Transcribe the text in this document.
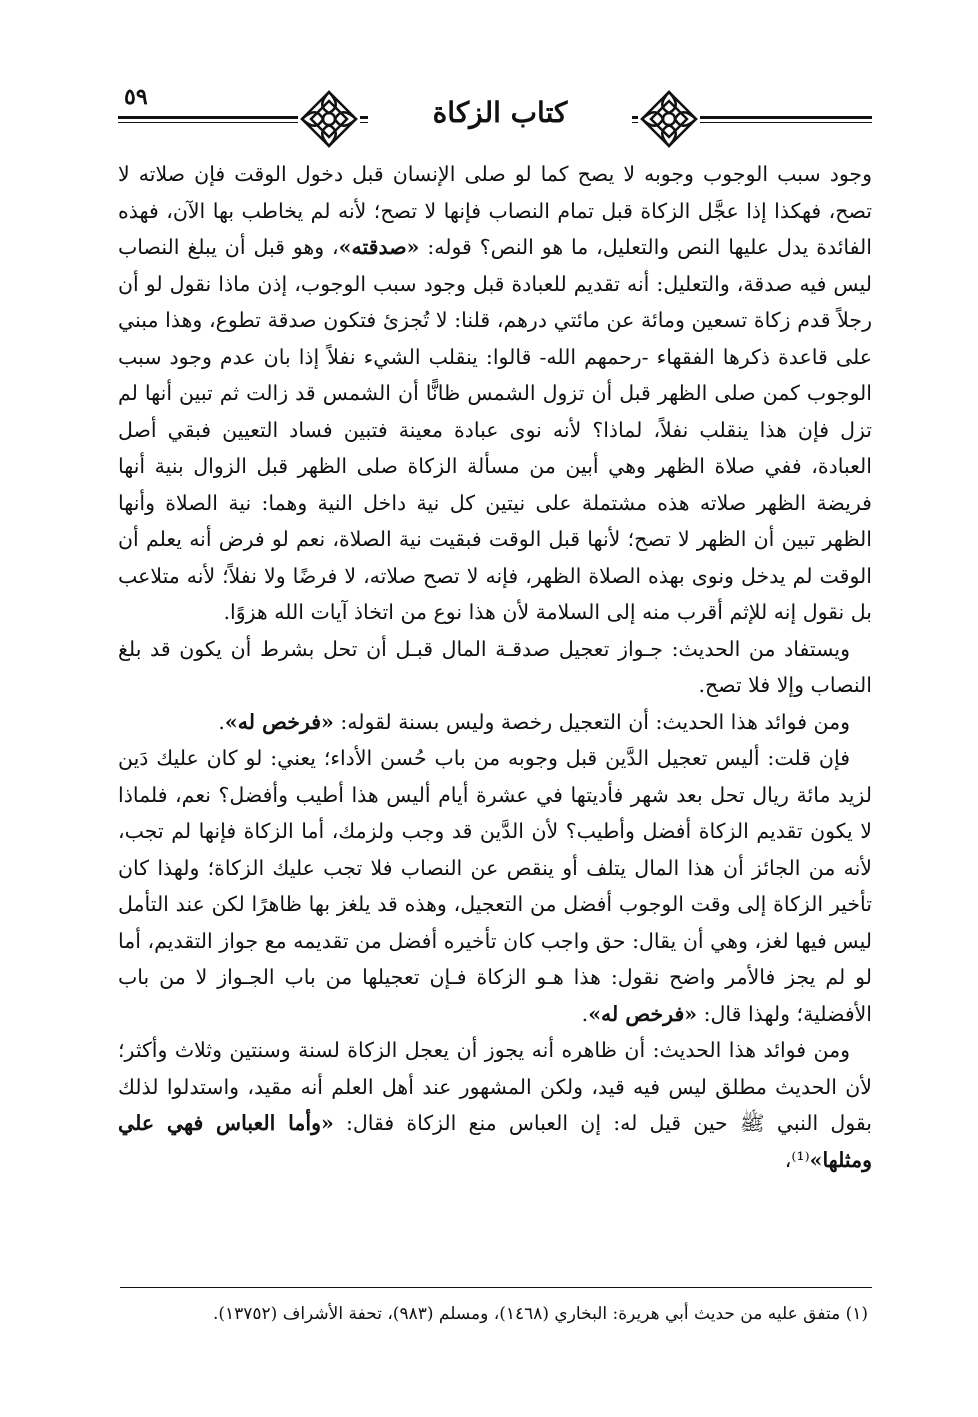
٥٩	كتاب الزكاة

وجود سبب الوجوب وجوبه لا يصح كما لو صلى الإنسان قبل دخول الوقت فإن صلاته لا تصح، فهكذا إذا عجَّل الزكاة قبل تمام النصاب فإنها لا تصح؛ لأنه لم يخاطب بها الآن، فهذه الفائدة يدل عليها النص والتعليل، ما هو النص؟ قوله: «صدقته»، وهو قبل أن يبلغ النصاب ليس فيه صدقة، والتعليل: أنه تقديم للعبادة قبل وجود سبب الوجوب، إذن ماذا نقول لو أن رجلاً قدم زكاة تسعين ومائة عن مائتي درهم، قلنا: لا تُجزئ فتكون صدقة تطوع، وهذا مبني على قاعدة ذكرها الفقهاء -رحمهم الله- قالوا: ينقلب الشيء نفلاً إذا بان عدم وجود سبب الوجوب كمن صلى الظهر قبل أن تزول الشمس ظانًّا أن الشمس قد زالت ثم تبين أنها لم تزل فإن هذا ينقلب نفلاً، لماذا؟ لأنه نوى عبادة معينة فتبين فساد التعيين فبقي أصل العبادة، ففي صلاة الظهر وهي أبين من مسألة الزكاة صلى الظهر قبل الزوال بنية أنها فريضة الظهر صلاته هذه مشتملة على نيتين كل نية داخل النية وهما: نية الصلاة وأنها الظهر تبين أن الظهر لا تصح؛ لأنها قبل الوقت فبقيت نية الصلاة، نعم لو فرض أنه يعلم أن الوقت لم يدخل ونوى بهذه الصلاة الظهر، فإنه لا تصح صلاته، لا فرضًا ولا نفلاً؛ لأنه متلاعب بل نقول إنه للإثم أقرب منه إلى السلامة لأن هذا نوع من اتخاذ آيات الله هزوًا.

ويستفاد من الحديث: جـواز تعجيل صدقـة المال قبـل أن تحل بشرط أن يكون قد بلغ النصاب وإلا فلا تصح.

ومن فوائد هذا الحديث: أن التعجيل رخصة وليس بسنة لقوله: «فرخص له».

فإن قلت: أليس تعجيل الدَّين قبل وجوبه من باب حُسن الأداء؛ يعني: لو كان عليك دَين لزيد مائة ريال تحل بعد شهر فأديتها في عشرة أيام أليس هذا أطيب وأفضل؟ نعم، فلماذا لا يكون تقديم الزكاة أفضل وأطيب؟ لأن الدَّين قد وجب ولزمك، أما الزكاة فإنها لم تجب، لأنه من الجائز أن هذا المال يتلف أو ينقص عن النصاب فلا تجب عليك الزكاة؛ ولهذا كان تأخير الزكاة إلى وقت الوجوب أفضل من التعجيل، وهذه قد يلغز بها ظاهرًا لكن عند التأمل ليس فيها لغز، وهي أن يقال: حق واجب كان تأخيره أفضل من تقديمه مع جواز التقديم، أما لو لم يجز فالأمر واضح نقول: هذا هـو الزكاة فـإن تعجيلها من باب الجـواز لا من باب الأفضلية؛ ولهذا قال: «فرخص له».

ومن فوائد هذا الحديث: أن ظاهره أنه يجوز أن يعجل الزكاة لسنة وسنتين وثلاث وأكثر؛ لأن الحديث مطلق ليس فيه قيد، ولكن المشهور عند أهل العلم أنه مقيد، واستدلوا لذلك بقول النبي ﷺ حين قيل له: إن العباس منع الزكاة فقال: «وأما العباس فهي علي ومثلها»⁽¹⁾،

(١) متفق عليه من حديث أبي هريرة: البخاري (١٤٦٨)، ومسلم (٩٨٣)، تحفة الأشراف (١٣٧٥٢).
